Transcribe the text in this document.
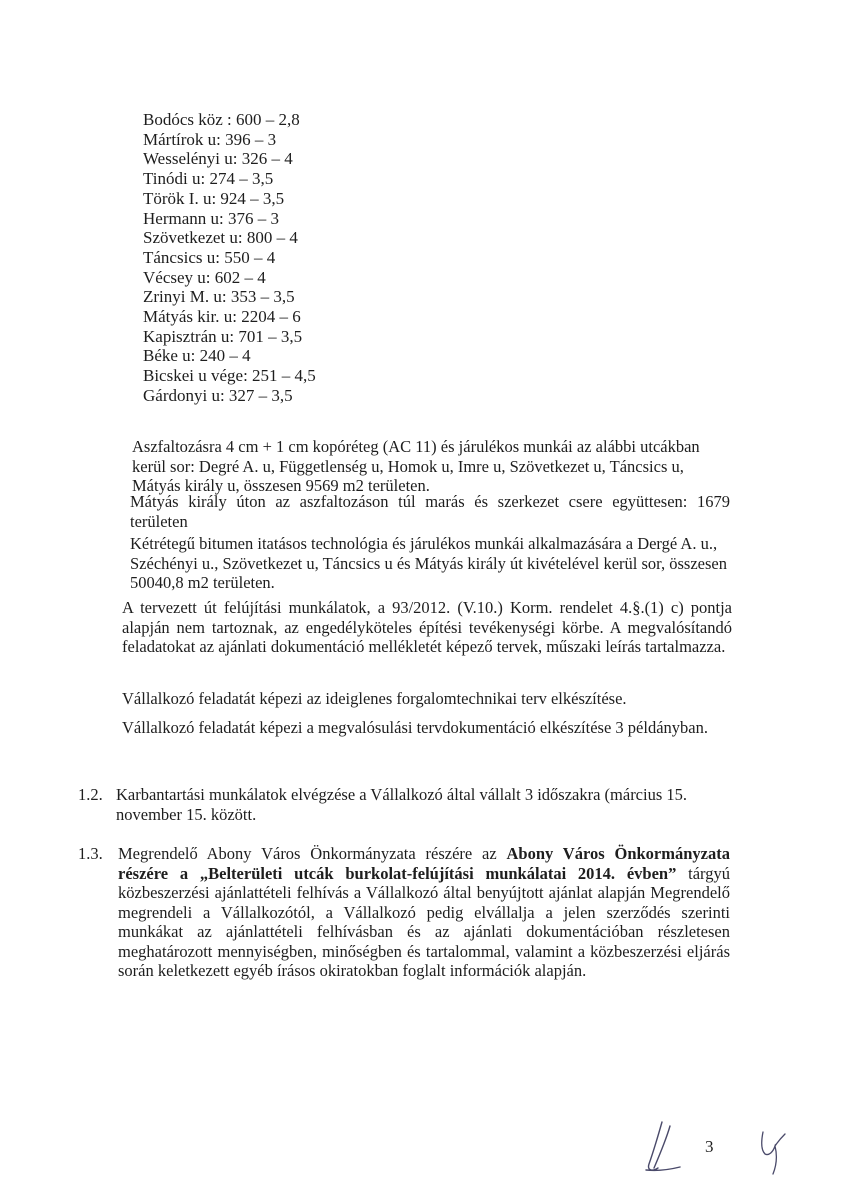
Bodócs köz : 600 – 2,8
Mártírok u: 396 – 3
Wesselényi u: 326 – 4
Tinódi u: 274 – 3,5
Török I. u: 924 – 3,5
Hermann u: 376 – 3
Szövetkezet u: 800 – 4
Táncsics u: 550 – 4
Vécsey u: 602 – 4
Zrinyi M. u: 353 – 3,5
Mátyás kir. u: 2204 – 6
Kapisztrán u: 701 – 3,5
Béke u: 240 – 4
Bicskei u vége: 251 – 4,5
Gárdonyi u: 327 – 3,5

Aszfaltozásra 4 cm + 1 cm kopóréteg (AC 11) és járulékos munkái az alábbi utcákban kerül sor: Degré A. u, Függetlenség u, Homok u, Imre u, Szövetkezet u, Táncsics u, Mátyás király u, összesen 9569 m2 területen.

Mátyás király úton az aszfaltozáson túl marás és szerkezet csere együttesen: 1679 területen

Kétrétegű bitumen itatásos technológia és járulékos munkái alkalmazására a Dergé A. u., Széchényi u., Szövetkezet u, Táncsics u és Mátyás király út kivételével kerül sor, összesen 50040,8 m2 területen.

A tervezett út felújítási munkálatok, a 93/2012. (V.10.) Korm. rendelet 4.§.(1) c) pontja alapján nem tartoznak, az engedélyköteles építési tevékenységi körbe. A megvalósítandó feladatokat az ajánlati dokumentáció mellékletét képező tervek, műszaki leírás tartalmazza.

Vállalkozó feladatát képezi az ideiglenes forgalomtechnikai terv elkészítése.

Vállalkozó feladatát képezi a megvalósulási tervdokumentáció elkészítése 3 példányban.

1.2. Karbantartási munkálatok elvégzése a Vállalkozó által vállalt 3 időszakra (március 15. november 15. között.

1.3. Megrendelő Abony Város Önkormányzata részére az Abony Város Önkormányzata részére a „Belterületi utcák burkolat-felújítási munkálatai 2014. évben” tárgyú közbeszerzési ajánlattételi felhívás a Vállalkozó által benyújtott ajánlat alapján Megrendelő megrendeli a Vállalkozótól, a Vállalkozó pedig elvállalja a jelen szerződés szerinti munkákat az ajánlattételi felhívásban és az ajánlati dokumentációban részletesen meghatározott mennyiségben, minőségben és tartalommal, valamint a közbeszerzési eljárás során keletkezett egyéb írásos okiratokban foglalt információk alapján.

3
